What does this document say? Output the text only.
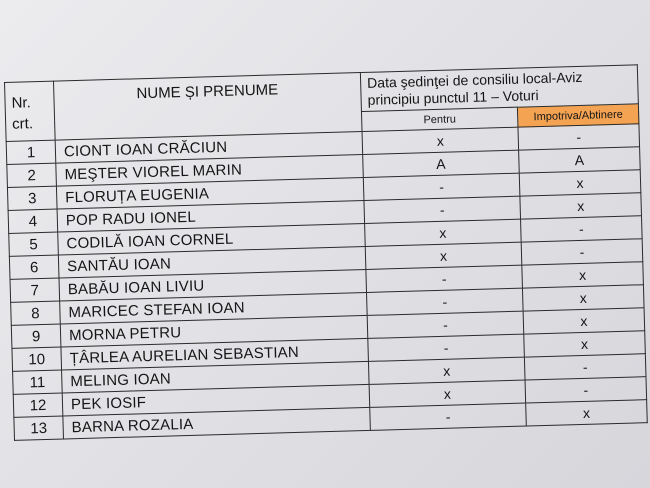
Nr.
crt.	NUME ȘI PRENUME	Data şedinţei de consiliu local-Aviz
principiu punctul 11 – Voturi	
		Pentru	Impotriva/Abtinere
1	CIONT IOAN CRĂCIUN	x	-
2	MEŞTER VIOREL MARIN	A	A
3	FLORUȚA EUGENIA	-	x
4	POP RADU IONEL	-	x
5	CODILĂ IOAN CORNEL	x	-
6	SANTĂU IOAN	x	-
7	BABĂU IOAN LIVIU	-	x
8	MARICEC STEFAN IOAN	-	x
9	MORNA PETRU	-	x
10	ȚÂRLEA AURELIAN SEBASTIAN	-	x
11	MELING IOAN	x	-
12	PEK IOSIF	x	-
13	BARNA ROZALIA	-	x
